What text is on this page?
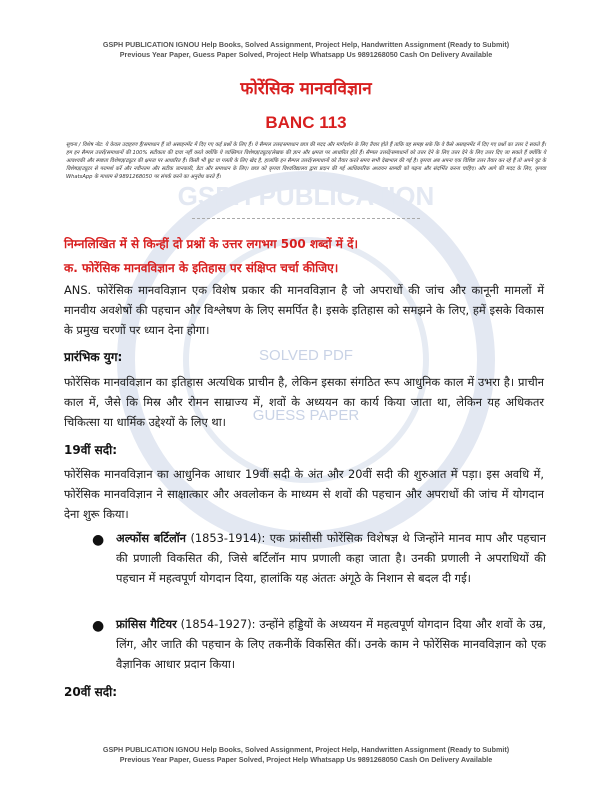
SOLVED PDF
GUESS PAPER
GSPH PUBLICATION
GSPH PUBLICATION IGNOU Help Books, Solved Assignment, Project Help, Handwritten Assignment (Ready to Submit)
Previous Year Paper, Guess Paper Solved, Project Help Whatsapp Us 9891268050 Cash On Delivery Available
फोरेंसिक मानवविज्ञान
BANC 113
सूचना / विशेष नोट: ये केवल उदाहरण हैं/समाधान हैं जो असाइनमेंट में दिए गए कई प्रश्नों के लिए हैं। ये सैम्पल उत्तर/समाधान छात्र की मदद और मार्गदर्शन के लिए तैयार होते हैं ताकि वह समझ सके कि वे कैसे असाइनमेंट में दिए गए प्रश्नों का उत्तर दे सकते हैं। हम इन सैम्पल उत्तरों/समाधानों की 100% सटीकता की दावा नहीं करते क्योंकि ये व्यक्तिगत विशेषज्ञ/ट्यूटर/लेखक की ज्ञान और क्षमता पर आधारित होते हैं। सैम्पल उत्तरों/समाधानों को उत्तर देने के लिए उत्तर देने के लिए उत्तर दिए जा सकते हैं क्योंकि ये आवश्यकी और स्पष्टता विशेषज्ञ/ट्यूटर की क्षमता पर आधारित हैं। किसी भी छूट या गलती के लिए खेद है, हालांकि इन सैम्पल उत्तरों/समाधानों को तैयार करते समय सभी देखभाल की गई है। कृपया अब अपना एक विशिष्ट उत्तर तैयार कर रहे हैं तो अपने यूट के विशेषज्ञ/ट्यूटर से परामर्श करें और नवीनतम और सटीक जानकारी, डेटा और समाधान के लिए। छात्र को कृपया विश्वविद्यालय द्वारा प्रदान की गई आधिकारिक अध्ययन सामग्री को पढ़ना और संदर्भित करना चाहिए। और आगे की मदद के लिए, कृपया WhatsApp के माध्यम से 9891268050 पर संपर्क करने का अनुरोध करते हैं।
निम्नलिखित में से किन्हीं दो प्रश्नों के उत्तर लगभग 500 शब्दों में दें।
क. फोरेंसिक मानवविज्ञान के इतिहास पर संक्षिप्त चर्चा कीजिए।
ANS. फोरेंसिक मानवविज्ञान एक विशेष प्रकार की मानवविज्ञान है जो अपराधों की जांच और कानूनी मामलों में मानवीय अवशेषों की पहचान और विश्लेषण के लिए समर्पित है। इसके इतिहास को समझने के लिए, हमें इसके विकास के प्रमुख चरणों पर ध्यान देना होगा।
प्रारंभिक युग:
फोरेंसिक मानवविज्ञान का इतिहास अत्यधिक प्राचीन है, लेकिन इसका संगठित रूप आधुनिक काल में उभरा है। प्राचीन काल में, जैसे कि मिस्र और रोमन साम्राज्य में, शवों के अध्ययन का कार्य किया जाता था, लेकिन यह अधिकतर चिकित्सा या धार्मिक उद्देश्यों के लिए था।
19वीं सदी:
फोरेंसिक मानवविज्ञान का आधुनिक आधार 19वीं सदी के अंत और 20वीं सदी की शुरुआत में पड़ा। इस अवधि में, फोरेंसिक मानवविज्ञान ने साक्षात्कार और अवलोकन के माध्यम से शवों की पहचान और अपराधों की जांच में योगदान देना शुरू किया।
● अल्फोंस बर्टिलॉन (1853-1914): एक फ्रांसीसी फोरेंसिक विशेषज्ञ थे जिन्होंने मानव माप और पहचान की प्रणाली विकसित की, जिसे बर्टिलॉन माप प्रणाली कहा जाता है। उनकी प्रणाली ने अपराधियों की पहचान में महत्वपूर्ण योगदान दिया, हालांकि यह अंततः अंगूठे के निशान से बदल दी गई।
● फ्रांसिस गैटियर (1854-1927): उन्होंने हड्डियों के अध्ययन में महत्वपूर्ण योगदान दिया और शवों के उम्र, लिंग, और जाति की पहचान के लिए तकनीकें विकसित कीं। उनके काम ने फोरेंसिक मानवविज्ञान को एक वैज्ञानिक आधार प्रदान किया।
20वीं सदी:
GSPH PUBLICATION IGNOU Help Books, Solved Assignment, Project Help, Handwritten Assignment (Ready to Submit)
Previous Year Paper, Guess Paper Solved, Project Help Whatsapp Us 9891268050 Cash On Delivery Available
